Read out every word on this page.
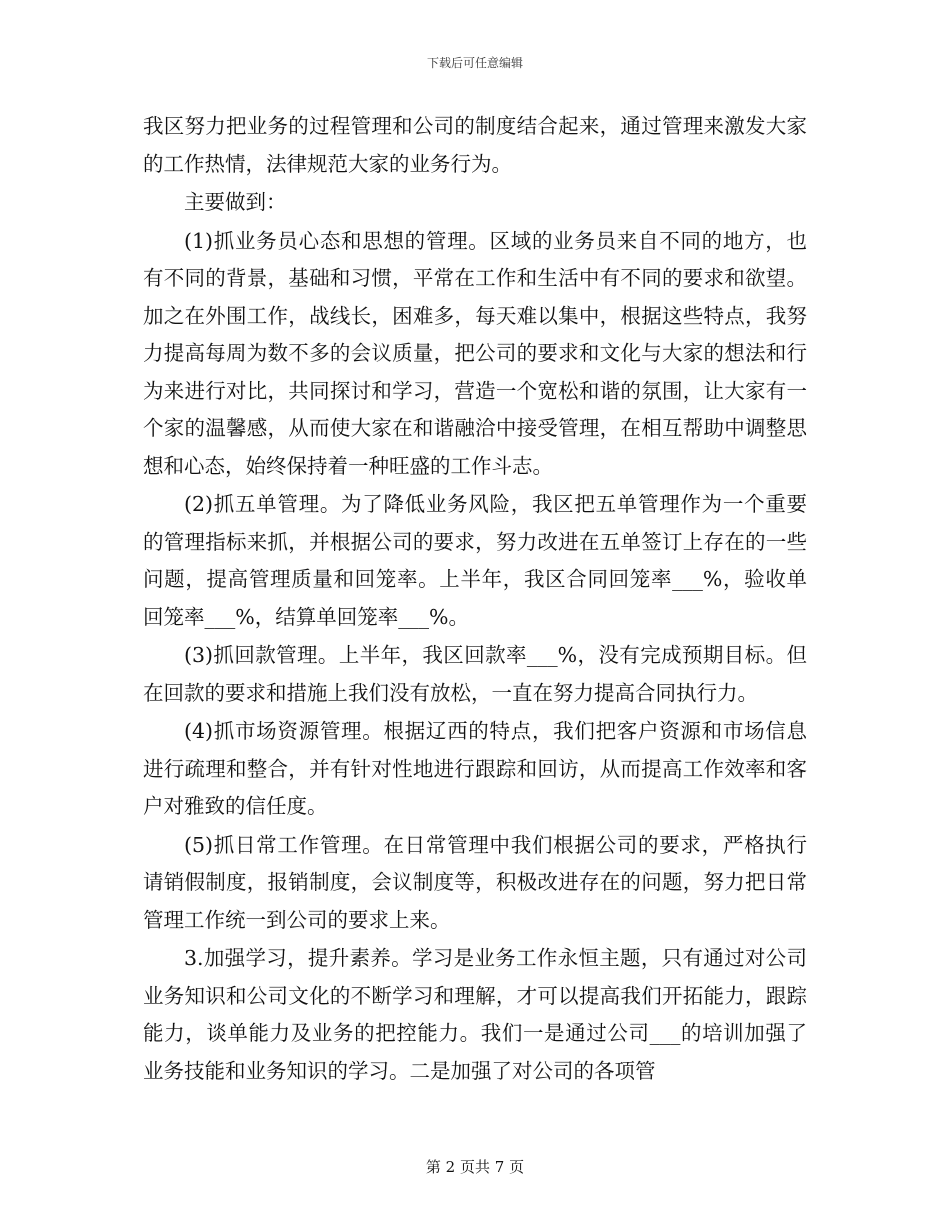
下载后可任意编辑

我区努力把业务的过程管理和公司的制度结合起来，通过管理来激发大家的工作热情，法律规范大家的业务行为。

主要做到：

(1)抓业务员心态和思想的管理。区域的业务员来自不同的地方，也有不同的背景，基础和习惯，平常在工作和生活中有不同的要求和欲望。加之在外围工作，战线长，困难多，每天难以集中，根据这些特点，我努力提高每周为数不多的会议质量，把公司的要求和文化与大家的想法和行为来进行对比，共同探讨和学习，营造一个宽松和谐的氛围，让大家有一个家的温馨感，从而使大家在和谐融洽中接受管理，在相互帮助中调整思想和心态，始终保持着一种旺盛的工作斗志。

(2)抓五单管理。为了降低业务风险，我区把五单管理作为一个重要的管理指标来抓，并根据公司的要求，努力改进在五单签订上存在的一些问题，提高管理质量和回笼率。上半年，我区合同回笼率___%，验收单回笼率___%，结算单回笼率___%。

(3)抓回款管理。上半年，我区回款率___%，没有完成预期目标。但在回款的要求和措施上我们没有放松，一直在努力提高合同执行力。

(4)抓市场资源管理。根据辽西的特点，我们把客户资源和市场信息进行疏理和整合，并有针对性地进行跟踪和回访，从而提高工作效率和客户对雅致的信任度。

(5)抓日常工作管理。在日常管理中我们根据公司的要求，严格执行请销假制度，报销制度，会议制度等，积极改进存在的问题，努力把日常管理工作统一到公司的要求上来。

3.加强学习，提升素养。学习是业务工作永恒主题，只有通过对公司业务知识和公司文化的不断学习和理解，才可以提高我们开拓能力，跟踪能力，谈单能力及业务的把控能力。我们一是通过公司___的培训加强了业务技能和业务知识的学习。二是加强了对公司的各项管

第 2 页共 7 页
